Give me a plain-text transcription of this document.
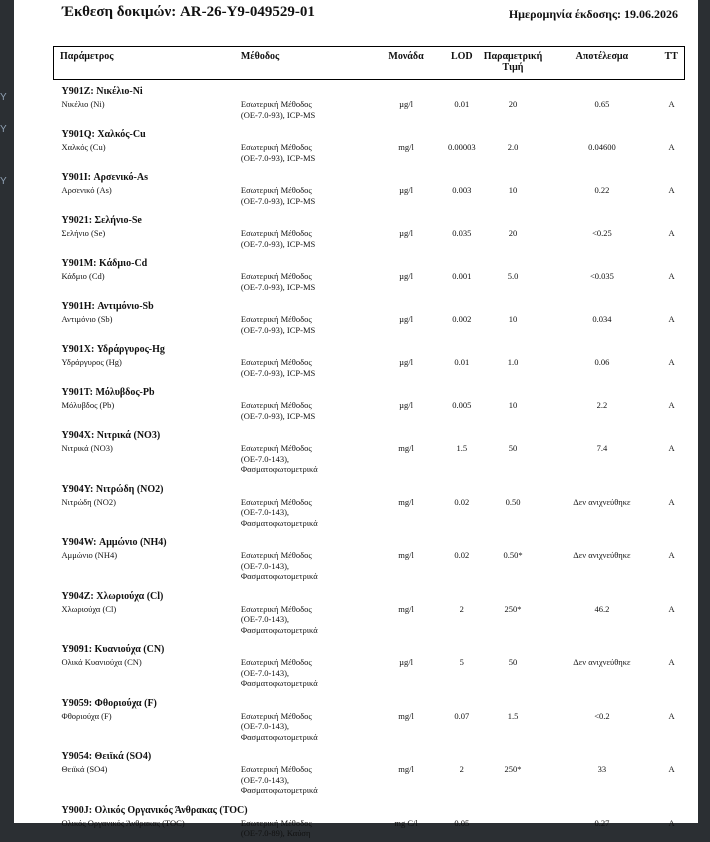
Y
Y
Y
Έκθεση δοκιμών: AR-26-Y9-049529-01	Ημερομηνία έκδοσης: 19.06.2026
Παράμετρος	Μέθοδος	Μονάδα	LOD	Παραμετρική Τιμή	Αποτέλεσμα	ΤΤ
Y901Z: Νικέλιο-Ni						
Νικέλιο (Ni)	Εσωτερική Μέθοδος
(ΟΕ-7.0-93), ICP-MS	µg/l	0.01	20	0.65	A
Y901Q: Χαλκός-Cu						
Χαλκός (Cu)	Εσωτερική Μέθοδος
(ΟΕ-7.0-93), ICP-MS	mg/l	0.00003	2.0	0.04600	A
Y901I: Αρσενικό-As						
Αρσενικό (As)	Εσωτερική Μέθοδος
(ΟΕ-7.0-93), ICP-MS	µg/l	0.003	10	0.22	A
Y9021: Σελήνιο-Se						
Σελήνιο (Se)	Εσωτερική Μέθοδος
(ΟΕ-7.0-93), ICP-MS	µg/l	0.035	20	<0.25	A
Y901M: Κάδμιο-Cd						
Κάδμιο (Cd)	Εσωτερική Μέθοδος
(ΟΕ-7.0-93), ICP-MS	µg/l	0.001	5.0	<0.035	A
Y901H: Αντιμόνιο-Sb						
Αντιμόνιο (Sb)	Εσωτερική Μέθοδος
(ΟΕ-7.0-93), ICP-MS	µg/l	0.002	10	0.034	A
Y901X: Υδράργυρος-Hg						
Υδράργυρος (Hg)	Εσωτερική Μέθοδος
(ΟΕ-7.0-93), ICP-MS	µg/l	0.01	1.0	0.06	A
Y901T: Μόλυβδος-Pb						
Μόλυβδος (Pb)	Εσωτερική Μέθοδος
(ΟΕ-7.0-93), ICP-MS	µg/l	0.005	10	2.2	A
Y904X: Νιτρικά (NO3)						
Νιτρικά (NO3)	Εσωτερική Μέθοδος
(ΟΕ-7.0-143),
Φασματοφωτομετρικά	mg/l	1.5	50	7.4	A
Y904Y: Νιτρώδη (NO2)						
Νιτρώδη (NO2)	Εσωτερική Μέθοδος
(ΟΕ-7.0-143),
Φασματοφωτομετρικά	mg/l	0.02	0.50	Δεν ανιχνεύθηκε	A
Y904W: Αμμώνιο (NH4)						
Αμμώνιο (NH4)	Εσωτερική Μέθοδος
(ΟΕ-7.0-143),
Φασματοφωτομετρικά	mg/l	0.02	0.50*	Δεν ανιχνεύθηκε	A
Y904Z: Χλωριούχα (Cl)						
Χλωριούχα (Cl)	Εσωτερική Μέθοδος
(ΟΕ-7.0-143),
Φασματοφωτομετρικά	mg/l	2	250*	46.2	A
Y9091: Κυανιούχα (CN)						
Ολικά Κυανιούχα (CN)	Εσωτερική Μέθοδος
(ΟΕ-7.0-143),
Φασματοφωτομετρικά	µg/l	5	50	Δεν ανιχνεύθηκε	A
Y9059: Φθοριούχα (F)						
Φθοριούχα (F)	Εσωτερική Μέθοδος
(ΟΕ-7.0-143),
Φασματοφωτομετρικά	mg/l	0.07	1.5	<0.2	A
Y9054: Θειϊκά (SO4)						
Θειϊκά (SO4)	Εσωτερική Μέθοδος
(ΟΕ-7.0-143),
Φασματοφωτομετρικά	mg/l	2	250*	33	A
Y900J: Ολικός Οργανικός Άνθρακας (TOC)						
Ολικός Οργανικός Άνθρακας (TOC)	Εσωτερική Μέθοδος
(ΟΕ-7.0-89), Καύση	mg C/l	0.05		0.27	A
